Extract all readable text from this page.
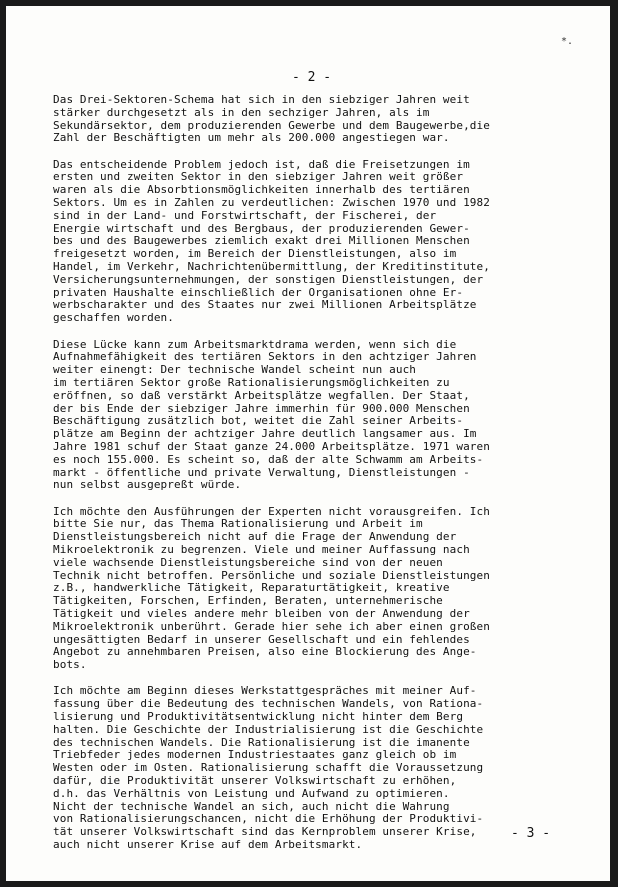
*.
- 2 -
Das Drei-Sektoren-Schema hat sich in den siebziger Jahren weit
stärker durchgesetzt als in den sechziger Jahren, als im
Sekundärsektor, dem produzierenden Gewerbe und dem Baugewerbe,die
Zahl der Beschäftigten um mehr als 200.000 angestiegen war.
Das entscheidende Problem jedoch ist, daß die Freisetzungen im
ersten und zweiten Sektor in den siebziger Jahren weit größer
waren als die Absorbtionsmöglichkeiten innerhalb des tertiären
Sektors. Um es in Zahlen zu verdeutlichen: Zwischen 1970 und 1982
sind in der Land- und Forstwirtschaft, der Fischerei, der
Energie wirtschaft und des Bergbaus, der produzierenden Gewer-
bes und des Baugewerbes ziemlich exakt drei Millionen Menschen
freigesetzt worden, im Bereich der Dienstleistungen, also im
Handel, im Verkehr, Nachrichtenübermittlung, der Kreditinstitute,
Versicherungsunternehmungen, der sonstigen Dienstleistungen, der
privaten Haushalte einschließlich der Organisationen ohne Er-
werbscharakter und des Staates nur zwei Millionen Arbeitsplätze
geschaffen worden.
Diese Lücke kann zum Arbeitsmarktdrama werden, wenn sich die
Aufnahmefähigkeit des tertiären Sektors in den achtziger Jahren
weiter einengt: Der technische Wandel scheint nun auch
im tertiären Sektor große Rationalisierungsmöglichkeiten zu
eröffnen, so daß verstärkt Arbeitsplätze wegfallen. Der Staat,
der bis Ende der siebziger Jahre immerhin für 900.000 Menschen
Beschäftigung zusätzlich bot, weitet die Zahl seiner Arbeits-
plätze am Beginn der achtziger Jahre deutlich langsamer aus. Im
Jahre 1981 schuf der Staat ganze 24.000 Arbeitsplätze. 1971 waren
es noch 155.000. Es scheint so, daß der alte Schwamm am Arbeits-
markt - öffentliche und private Verwaltung, Dienstleistungen -
nun selbst ausgepreßt würde.
Ich möchte den Ausführungen der Experten nicht vorausgreifen. Ich
bitte Sie nur, das Thema Rationalisierung und Arbeit im
Dienstleistungsbereich nicht auf die Frage der Anwendung der
Mikroelektronik zu begrenzen. Viele und meiner Auffassung nach
viele wachsende Dienstleistungsbereiche sind von der neuen
Technik nicht betroffen. Persönliche und soziale Dienstleistungen
z.B., handwerkliche Tätigkeit, Reparaturtätigkeit, kreative
Tätigkeiten, Forschen, Erfinden, Beraten, unternehmerische
Tätigkeit und vieles andere mehr bleiben von der Anwendung der
Mikroelektronik unberührt. Gerade hier sehe ich aber einen großen
ungesättigten Bedarf in unserer Gesellschaft und ein fehlendes
Angebot zu annehmbaren Preisen, also eine Blockierung des Ange-
bots.
Ich möchte am Beginn dieses Werkstattgespräches mit meiner Auf-
fassung über die Bedeutung des technischen Wandels, von Rationa-
lisierung und Produktivitätsentwicklung nicht hinter dem Berg
halten. Die Geschichte der Industrialisierung ist die Geschichte
des technischen Wandels. Die Rationalisierung ist die imanente
Triebfeder jedes modernen Industriestaates ganz gleich ob im
Westen oder im Osten. Rationalisierung schafft die Voraussetzung
dafür, die Produktivität unserer Volkswirtschaft zu erhöhen,
d.h. das Verhältnis von Leistung und Aufwand zu optimieren.
Nicht der technische Wandel an sich, auch nicht die Wahrung
von Rationalisierungschancen, nicht die Erhöhung der Produktivi-
tät unserer Volkswirtschaft sind das Kernproblem unserer Krise,
auch nicht unserer Krise auf dem Arbeitsmarkt.
- 3 -
